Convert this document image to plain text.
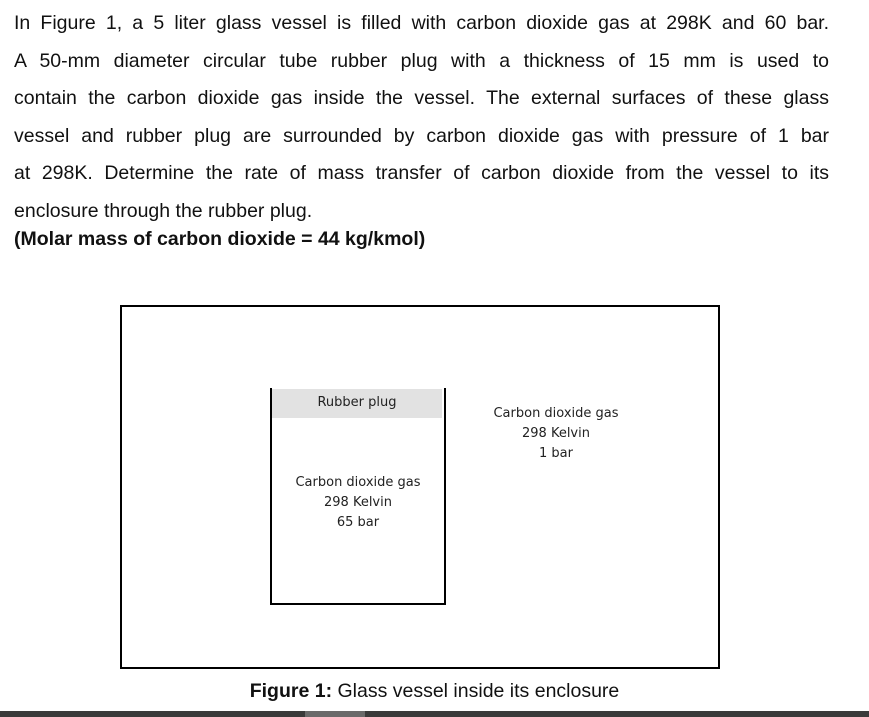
In Figure 1, a 5 liter glass vessel is filled with carbon dioxide gas at 298K and 60 bar.
A 50-mm diameter circular tube rubber plug with a thickness of 15 mm is used to
contain the carbon dioxide gas inside the vessel. The external surfaces of these glass
vessel and rubber plug are surrounded by carbon dioxide gas with pressure of 1 bar
at 298K. Determine the rate of mass transfer of carbon dioxide from the vessel to its
enclosure through the rubber plug.
(Molar mass of carbon dioxide = 44 kg/kmol)
Rubber plug
Carbon dioxide gas
298 Kelvin
65 bar
Carbon dioxide gas
298 Kelvin
1 bar
Figure 1: Glass vessel inside its enclosure
